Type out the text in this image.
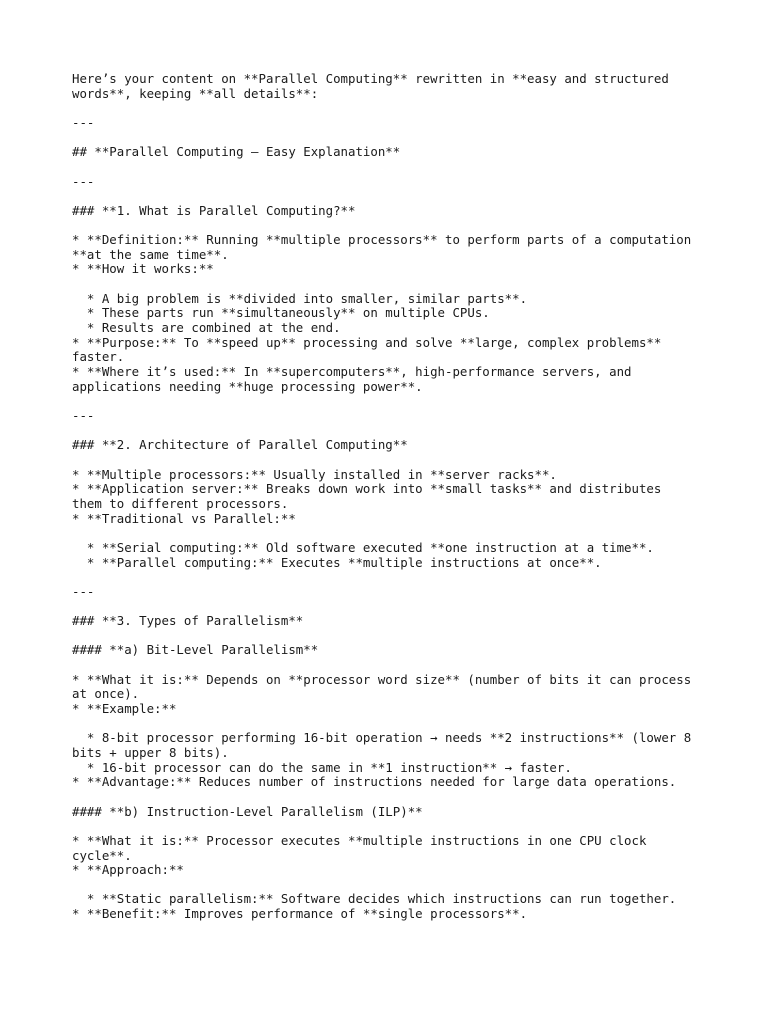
Here’s your content on **Parallel Computing** rewritten in **easy and structured
words**, keeping **all details**:
---
## **Parallel Computing – Easy Explanation**
---
### **1. What is Parallel Computing?**
* **Definition:** Running **multiple processors** to perform parts of a computation
**at the same time**.
* **How it works:**
* A big problem is **divided into smaller, similar parts**.
* These parts run **simultaneously** on multiple CPUs.
* Results are combined at the end.
* **Purpose:** To **speed up** processing and solve **large, complex problems**
faster.
* **Where it’s used:** In **supercomputers**, high-performance servers, and
applications needing **huge processing power**.
---
### **2. Architecture of Parallel Computing**
* **Multiple processors:** Usually installed in **server racks**.
* **Application server:** Breaks down work into **small tasks** and distributes
them to different processors.
* **Traditional vs Parallel:**
* **Serial computing:** Old software executed **one instruction at a time**.
* **Parallel computing:** Executes **multiple instructions at once**.
---
### **3. Types of Parallelism**
#### **a) Bit-Level Parallelism**
* **What it is:** Depends on **processor word size** (number of bits it can process
at once).
* **Example:**
* 8-bit processor performing 16-bit operation → needs **2 instructions** (lower 8
bits + upper 8 bits).
* 16-bit processor can do the same in **1 instruction** → faster.
* **Advantage:** Reduces number of instructions needed for large data operations.
#### **b) Instruction-Level Parallelism (ILP)**
* **What it is:** Processor executes **multiple instructions in one CPU clock
cycle**.
* **Approach:**
* **Static parallelism:** Software decides which instructions can run together.
* **Benefit:** Improves performance of **single processors**.
